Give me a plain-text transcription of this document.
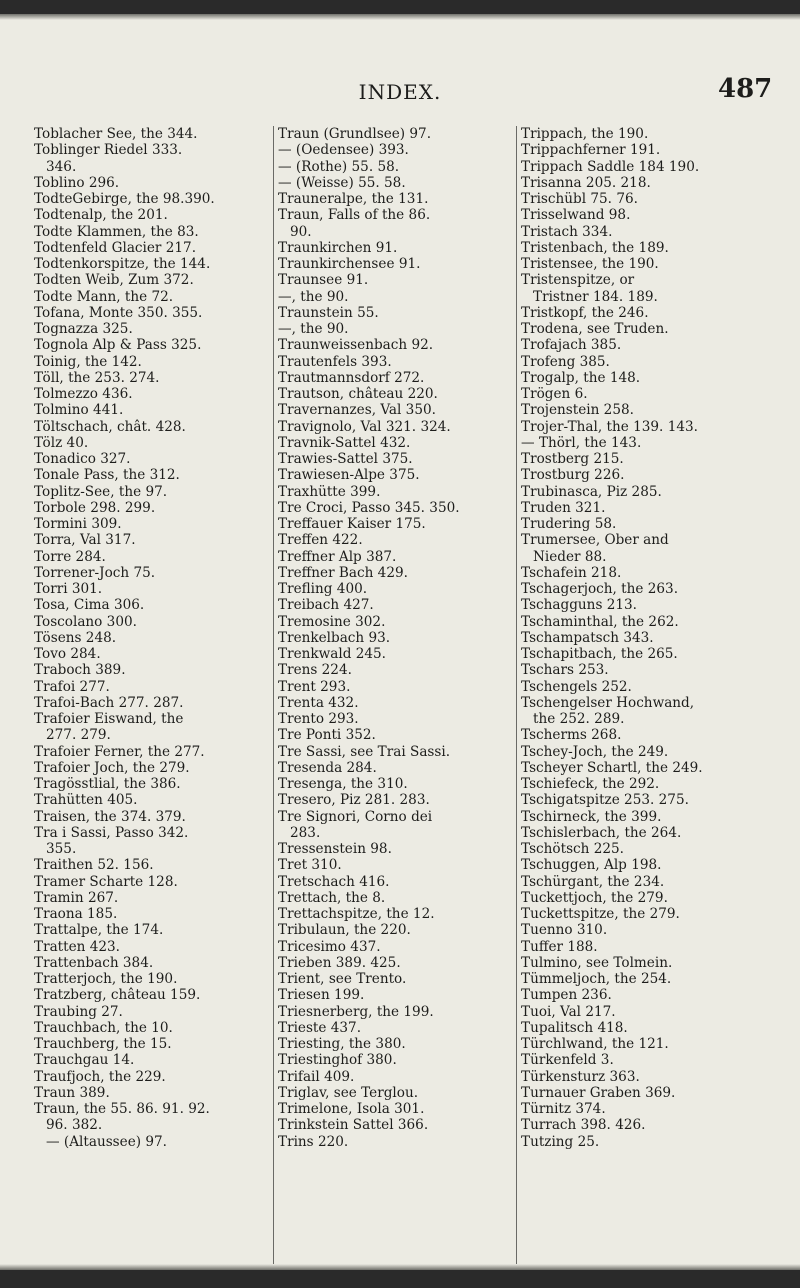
INDEX.	487
Toblacher See, the 344.
Toblinger Riedel 333.
346.
Toblino 296.
TodteGebirge, the 98.390.
Todtenalp, the 201.
Todte Klammen, the 83.
Todtenfeld Glacier 217.
Todtenkorspitze, the 144.
Todten Weib, Zum 372.
Todte Mann, the 72.
Tofana, Monte 350. 355.
Tognazza 325.
Tognola Alp & Pass 325.
Toinig, the 142.
Töll, the 253. 274.
Tolmezzo 436.
Tolmino 441.
Töltschach, chât. 428.
Tölz 40.
Tonadico 327.
Tonale Pass, the 312.
Toplitz-See, the 97.
Torbole 298. 299.
Tormini 309.
Torra, Val 317.
Torre 284.
Torrener-Joch 75.
Torri 301.
Tosa, Cima 306.
Toscolano 300.
Tösens 248.
Tovo 284.
Traboch 389.
Trafoi 277.
Trafoi-Bach 277. 287.
Trafoier Eiswand, the
277. 279.
Trafoier Ferner, the 277.
Trafoier Joch, the 279.
Tragösstlial, the 386.
Trahütten 405.
Traisen, the 374. 379.
Tra i Sassi, Passo 342.
355.
Traithen 52. 156.
Tramer Scharte 128.
Tramin 267.
Traona 185.
Trattalpe, the 174.
Tratten 423.
Trattenbach 384.
Tratterjoch, the 190.
Tratzberg, château 159.
Traubing 27.
Trauchbach, the 10.
Trauchberg, the 15.
Trauchgau 14.
Traufjoch, the 229.
Traun 389.
Traun, the 55. 86. 91. 92.
96. 382.
— (Altaussee) 97.
Traun (Grundlsee) 97.
— (Oedensee) 393.
— (Rothe) 55. 58.
— (Weisse) 55. 58.
Trauneralpe, the 131.
Traun, Falls of the 86.
90.
Traunkirchen 91.
Traunkirchensee 91.
Traunsee 91.
—, the 90.
Traunstein 55.
—, the 90.
Traunweissenbach 92.
Trautenfels 393.
Trautmannsdorf 272.
Trautson, château 220.
Travernanzes, Val 350.
Travignolo, Val 321. 324.
Travnik-Sattel 432.
Trawies-Sattel 375.
Trawiesen-Alpe 375.
Traxhütte 399.
Tre Croci, Passo 345. 350.
Treffauer Kaiser 175.
Treffen 422.
Treffner Alp 387.
Treffner Bach 429.
Trefling 400.
Treibach 427.
Tremosine 302.
Trenkelbach 93.
Trenkwald 245.
Trens 224.
Trent 293.
Trenta 432.
Trento 293.
Tre Ponti 352.
Tre Sassi, see Trai Sassi.
Tresenda 284.
Tresenga, the 310.
Tresero, Piz 281. 283.
Tre Signori, Corno dei
283.
Tressenstein 98.
Tret 310.
Tretschach 416.
Trettach, the 8.
Trettachspitze, the 12.
Tribulaun, the 220.
Tricesimo 437.
Trieben 389. 425.
Trient, see Trento.
Triesen 199.
Triesnerberg, the 199.
Trieste 437.
Triesting, the 380.
Triestinghof 380.
Trifail 409.
Triglav, see Terglou.
Trimelone, Isola 301.
Trinkstein Sattel 366.
Trins 220.
Trippach, the 190.
Trippachferner 191.
Trippach Saddle 184 190.
Trisanna 205. 218.
Trischübl 75. 76.
Trisselwand 98.
Tristach 334.
Tristenbach, the 189.
Tristensee, the 190.
Tristenspitze, or
Tristner 184. 189.
Tristkopf, the 246.
Trodena, see Truden.
Trofajach 385.
Trofeng 385.
Trogalp, the 148.
Trögen 6.
Trojenstein 258.
Trojer-Thal, the 139. 143.
— Thörl, the 143.
Trostberg 215.
Trostburg 226.
Trubinasca, Piz 285.
Truden 321.
Trudering 58.
Trumersee, Ober and
Nieder 88.
Tschafein 218.
Tschagerjoch, the 263.
Tschagguns 213.
Tschaminthal, the 262.
Tschampatsch 343.
Tschapitbach, the 265.
Tschars 253.
Tschengels 252.
Tschengelser Hochwand,
the 252. 289.
Tscherms 268.
Tschey-Joch, the 249.
Tscheyer Schartl, the 249.
Tschiefeck, the 292.
Tschigatspitze 253. 275.
Tschirneck, the 399.
Tschislerbach, the 264.
Tschötsch 225.
Tschuggen, Alp 198.
Tschürgant, the 234.
Tuckettjoch, the 279.
Tuckettspitze, the 279.
Tuenno 310.
Tuffer 188.
Tulmino, see Tolmein.
Tümmeljoch, the 254.
Tumpen 236.
Tuoi, Val 217.
Tupalitsch 418.
Türchlwand, the 121.
Türkenfeld 3.
Türkensturz 363.
Turnauer Graben 369.
Türnitz 374.
Turrach 398. 426.
Tutzing 25.
